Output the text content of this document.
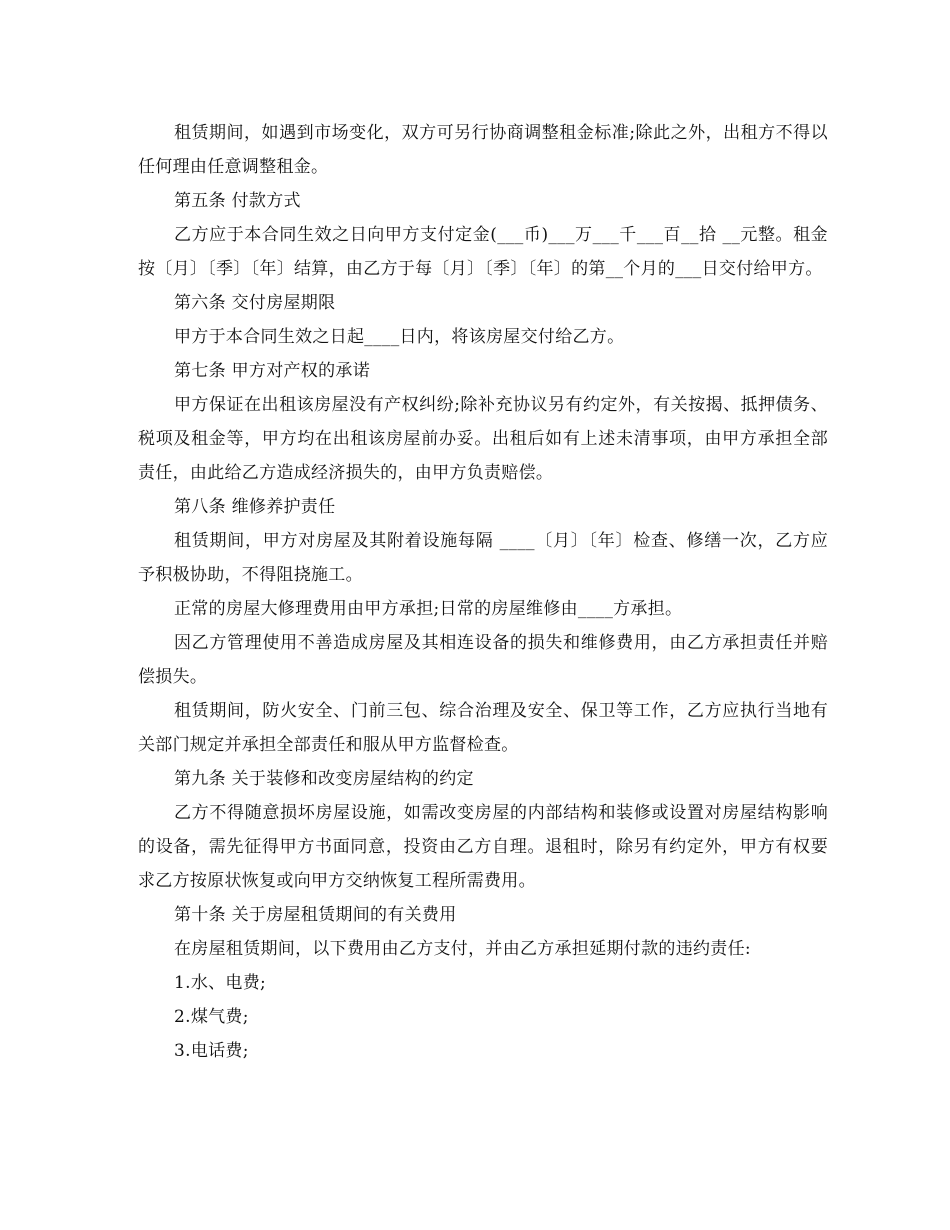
租赁期间，如遇到市场变化，双方可另行协商调整租金标准;除此之外，出租方不得以任何理由任意调整租金。

第五条 付款方式

乙方应于本合同生效之日向甲方支付定金(___币)___万___千___百__拾 __元整。租金按〔月〕〔季〕〔年〕结算，由乙方于每〔月〕〔季〕〔年〕的第__个月的___日交付给甲方。

第六条 交付房屋期限

甲方于本合同生效之日起____日内，将该房屋交付给乙方。

第七条 甲方对产权的承诺

甲方保证在出租该房屋没有产权纠纷;除补充协议另有约定外，有关按揭、抵押债务、税项及租金等，甲方均在出租该房屋前办妥。出租后如有上述未清事项，由甲方承担全部责任，由此给乙方造成经济损失的，由甲方负责赔偿。

第八条 维修养护责任

租赁期间，甲方对房屋及其附着设施每隔 ____〔月〕〔年〕检查、修缮一次，乙方应予积极协助，不得阻挠施工。

正常的房屋大修理费用由甲方承担;日常的房屋维修由____方承担。

因乙方管理使用不善造成房屋及其相连设备的损失和维修费用，由乙方承担责任并赔偿损失。

租赁期间，防火安全、门前三包、综合治理及安全、保卫等工作，乙方应执行当地有关部门规定并承担全部责任和服从甲方监督检查。

第九条 关于装修和改变房屋结构的约定

乙方不得随意损坏房屋设施，如需改变房屋的内部结构和装修或设置对房屋结构影响的设备，需先征得甲方书面同意，投资由乙方自理。退租时，除另有约定外，甲方有权要求乙方按原状恢复或向甲方交纳恢复工程所需费用。

第十条 关于房屋租赁期间的有关费用

在房屋租赁期间，以下费用由乙方支付，并由乙方承担延期付款的违约责任:

1.水、电费;

2.煤气费;

3.电话费;
